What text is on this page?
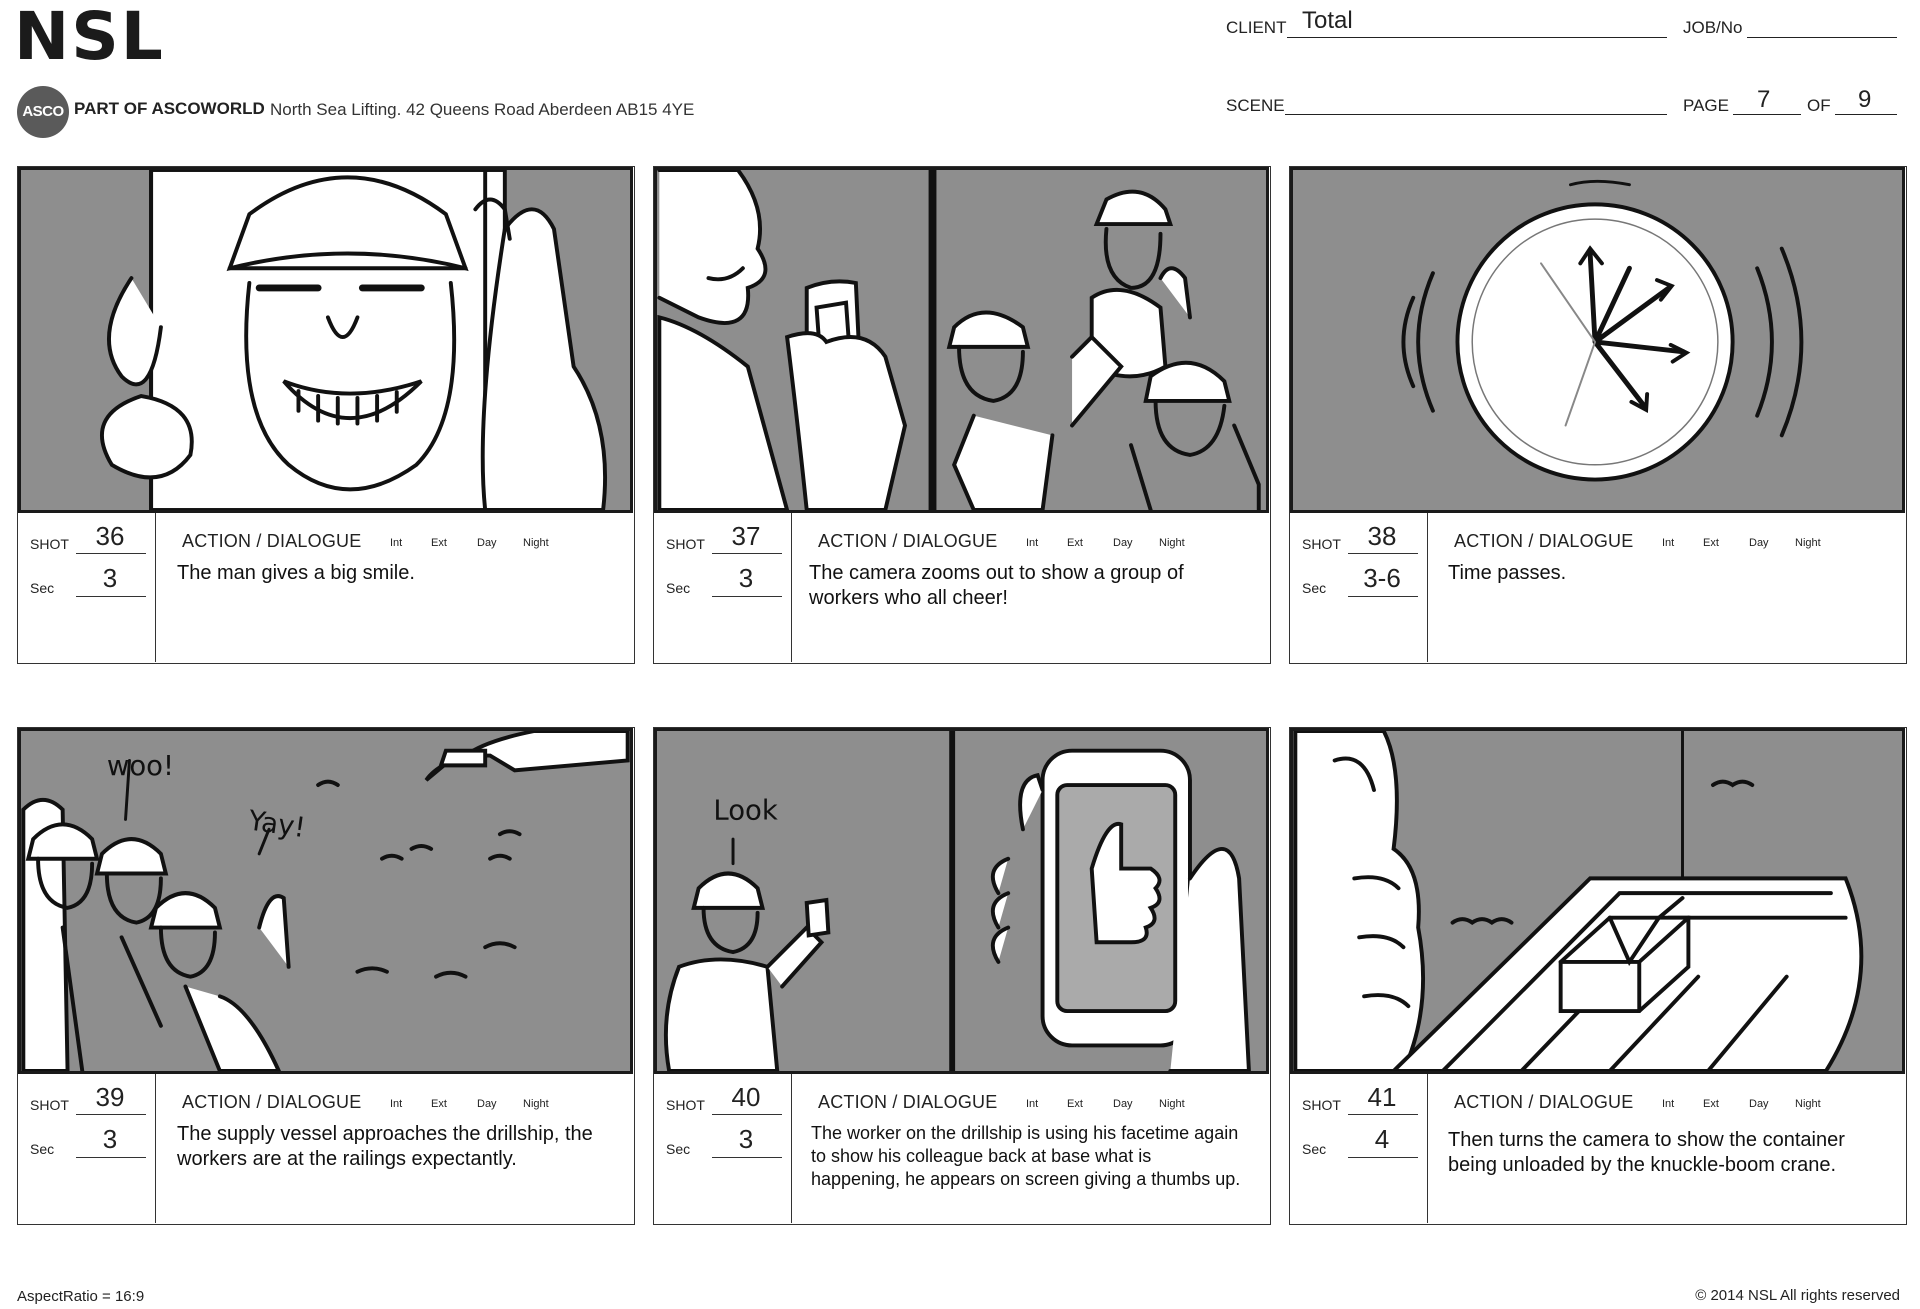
NSL
ASCO PART OF ASCOWORLD North Sea Lifting. 42 Queens Road Aberdeen AB15 4YE
CLIENT Total	JOB/No
SCENE	PAGE 7 OF 9
SHOT	36
Sec	3
ACTION / DIALOGUE	Int	Ext	Day Night
The man gives a big smile.
SHOT	37
Sec	3
ACTION / DIALOGUE	Int	Ext	Day Night
The camera zooms out to show a group of workers who all cheer!
SHOT	38
Sec	3-6
ACTION / DIALOGUE	Int	Ext	Day Night
Time passes.
woo!
Yay!
SHOT	39
Sec	3
ACTION / DIALOGUE	Int	Ext	Day Night
The supply vessel approaches the drillship, the workers are at the railings expectantly.
Look
SHOT	40
Sec	3
ACTION / DIALOGUE	Int	Ext	Day Night
The worker on the drillship is using his facetime again to show his colleague back at base what is happening, he appears on screen giving a thumbs up.
SHOT	41
Sec	4
ACTION / DIALOGUE	Int	Ext	Day Night
Then turns the camera to show the container being unloaded by the knuckle-boom crane.
AspectRatio = 16:9	© 2014 NSL All rights reserved
